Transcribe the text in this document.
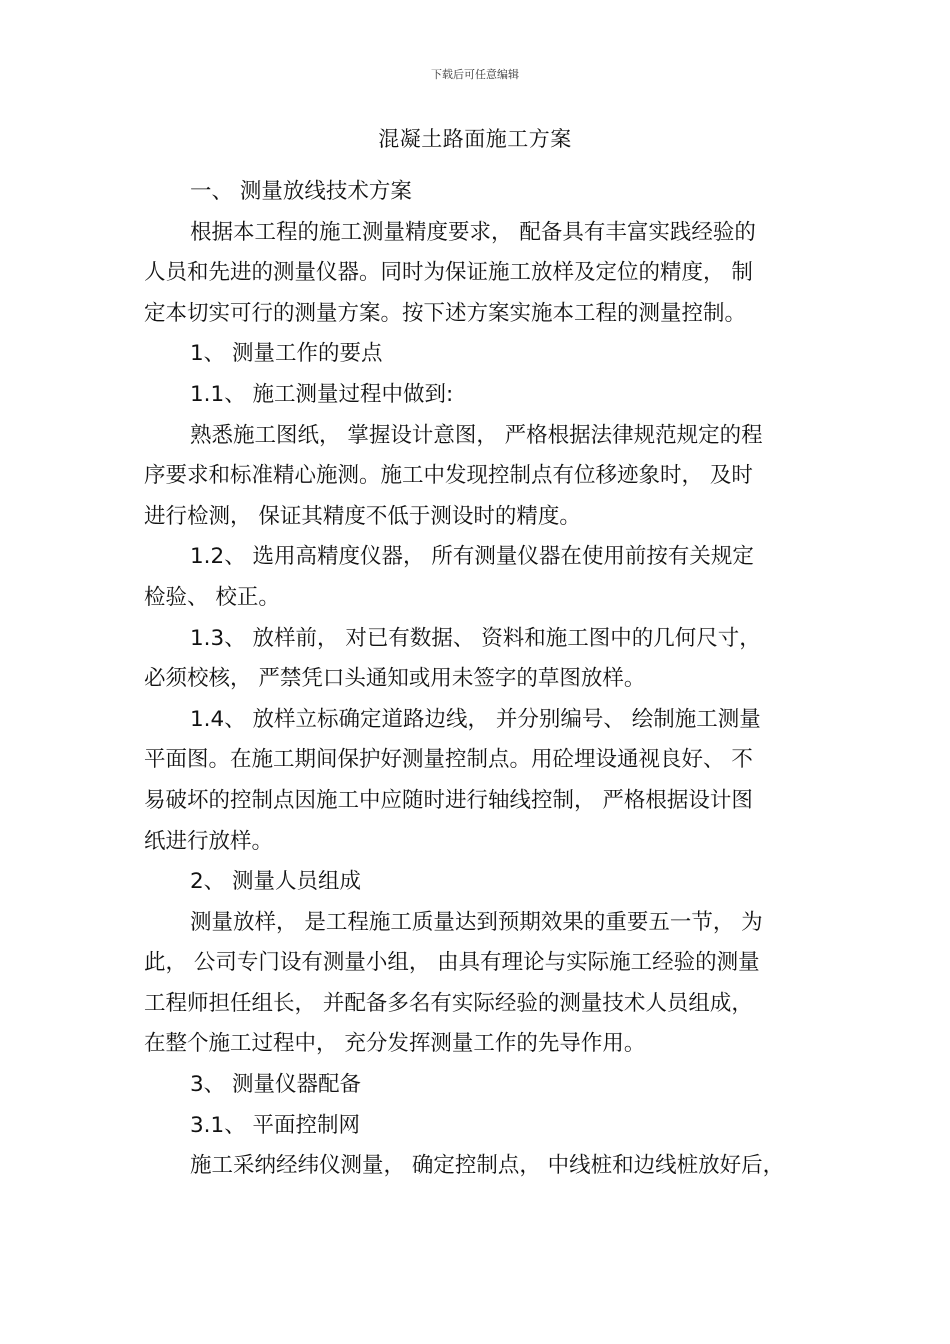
下载后可任意编辑
混凝土路面施工方案
一、 测量放线技术方案
根据本工程的施工测量精度要求， 配备具有丰富实践经验的
人员和先进的测量仪器。同时为保证施工放样及定位的精度， 制
定本切实可行的测量方案。按下述方案实施本工程的测量控制。
1、 测量工作的要点
1.1、 施工测量过程中做到:
熟悉施工图纸， 掌握设计意图， 严格根据法律规范规定的程
序要求和标准精心施测。施工中发现控制点有位移迹象时， 及时
进行检测， 保证其精度不低于测设时的精度。
1.2、 选用高精度仪器， 所有测量仪器在使用前按有关规定
检验、 校正。
1.3、 放样前， 对已有数据、 资料和施工图中的几何尺寸，
必须校核， 严禁凭口头通知或用未签字的草图放样。
1.4、 放样立标确定道路边线， 并分别编号、 绘制施工测量
平面图。在施工期间保护好测量控制点。用砼埋设通视良好、 不
易破坏的控制点因施工中应随时进行轴线控制， 严格根据设计图
纸进行放样。
2、 测量人员组成
测量放样， 是工程施工质量达到预期效果的重要五一节， 为
此， 公司专门设有测量小组， 由具有理论与实际施工经验的测量
工程师担任组长， 并配备多名有实际经验的测量技术人员组成，
在整个施工过程中， 充分发挥测量工作的先导作用。
3、 测量仪器配备
3.1、 平面控制网
施工采纳经纬仪测量， 确定控制点， 中线桩和边线桩放好后，
